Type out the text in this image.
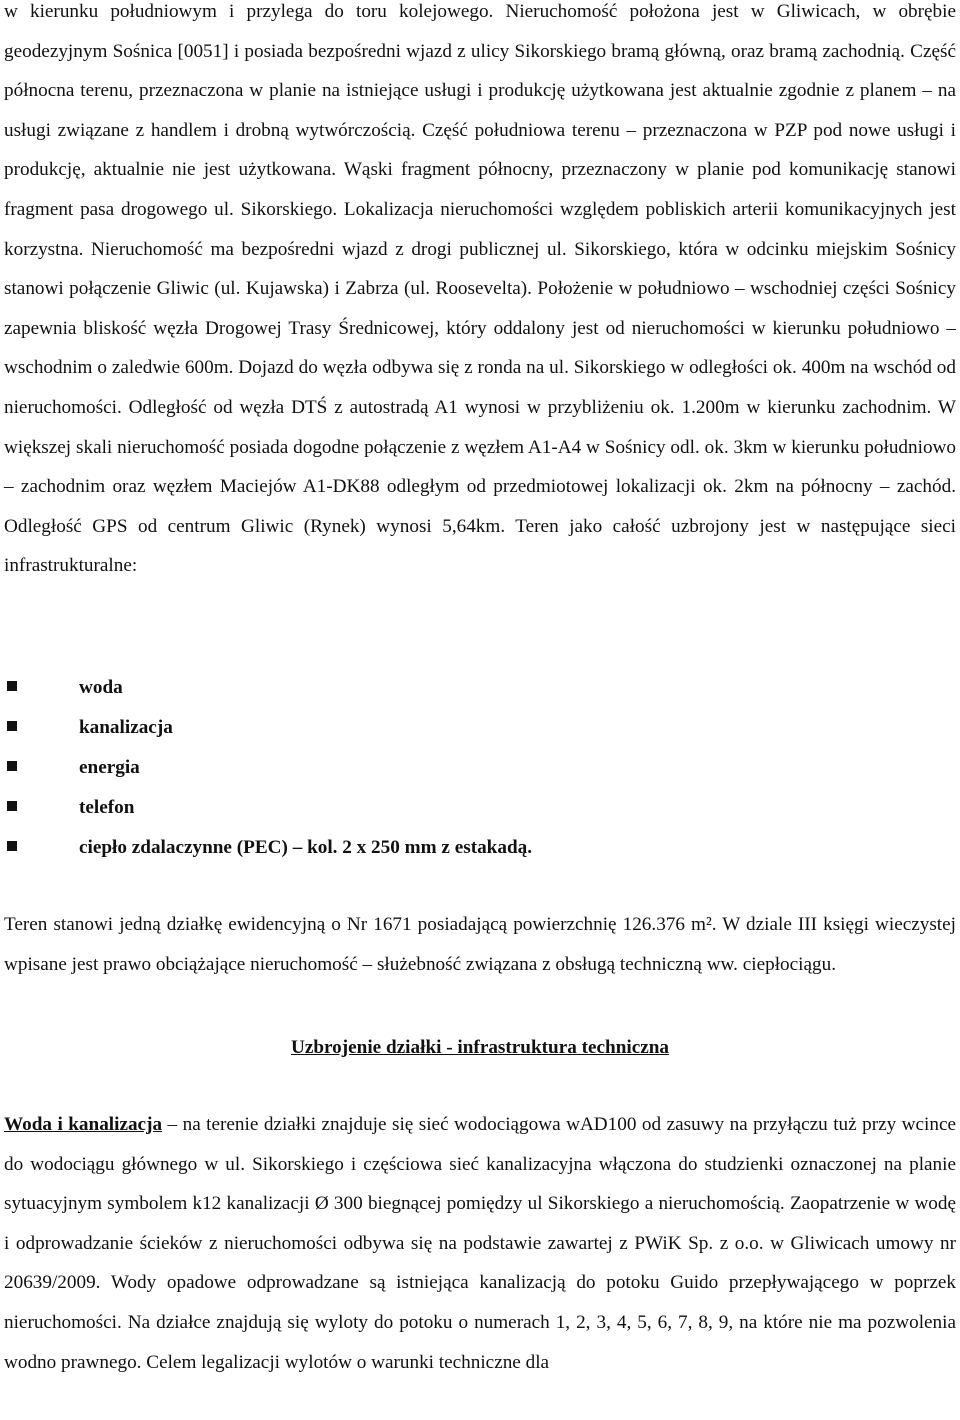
w kierunku południowym i przylega do toru kolejowego. Nieruchomość położona jest w Gliwicach, w obrębie geodezyjnym Sośnica [0051] i posiada bezpośredni wjazd z ulicy Sikorskiego bramą główną, oraz bramą zachodnią. Część północna terenu, przeznaczona w planie na istniejące usługi i produkcję użytkowana jest aktualnie zgodnie z planem – na usługi związane z handlem i drobną wytwórczością. Część południowa terenu – przeznaczona w PZP pod nowe usługi i produkcję, aktualnie nie jest użytkowana. Wąski fragment północny, przeznaczony w planie pod komunikację stanowi fragment pasa drogowego ul. Sikorskiego. Lokalizacja nieruchomości względem pobliskich arterii komunikacyjnych jest korzystna. Nieruchomość ma bezpośredni wjazd z drogi publicznej ul. Sikorskiego, która w odcinku miejskim Sośnicy stanowi połączenie Gliwic (ul. Kujawska) i Zabrza (ul. Roosevelta). Położenie w południowo – wschodniej części Sośnicy zapewnia bliskość węzła Drogowej Trasy Średnicowej, który oddalony jest od nieruchomości w kierunku południowo – wschodnim o zaledwie 600m. Dojazd do węzła odbywa się z ronda na ul. Sikorskiego w odległości ok. 400m na wschód od nieruchomości. Odległość od węzła DTŚ z autostradą A1 wynosi w przybliżeniu ok. 1.200m w kierunku zachodnim. W większej skali nieruchomość posiada dogodne połączenie z węzłem A1-A4 w Sośnicy odl. ok. 3km w kierunku południowo – zachodnim oraz węzłem Maciejów A1-DK88 odległym od przedmiotowej lokalizacji ok. 2km na północny – zachód. Odległość GPS od centrum Gliwic (Rynek) wynosi 5,64km. Teren jako całość uzbrojony jest w następujące sieci infrastrukturalne:

woda
kanalizacja
energia
telefon
ciepło zdalaczynne (PEC) – kol. 2 x 250 mm z estakadą.

Teren stanowi jedną działkę ewidencyjną o Nr 1671 posiadającą powierzchnię 126.376 m². W dziale III księgi wieczystej wpisane jest prawo obciążające nieruchomość – służebność związana z obsługą techniczną ww. ciepłociągu.

Uzbrojenie działki - infrastruktura techniczna

Woda i kanalizacja – na terenie działki znajduje się sieć wodociągowa wAD100 od zasuwy na przyłączu tuż przy wcince do wodociągu głównego w ul. Sikorskiego i częściowa sieć kanalizacyjna włączona do studzienki oznaczonej na planie sytuacyjnym symbolem k12 kanalizacji Ø 300 biegnącej pomiędzy ul Sikorskiego a nieruchomością. Zaopatrzenie w wodę i odprowadzanie ścieków z nieruchomości odbywa się na podstawie zawartej z PWiK Sp. z o.o. w Gliwicach umowy nr 20639/2009. Wody opadowe odprowadzane są istniejąca kanalizacją do potoku Guido przepływającego w poprzek nieruchomości. Na działce znajdują się wyloty do potoku o numerach 1, 2, 3, 4, 5, 6, 7, 8, 9, na które nie ma pozwolenia wodno prawnego. Celem legalizacji wylotów o warunki techniczne dla
